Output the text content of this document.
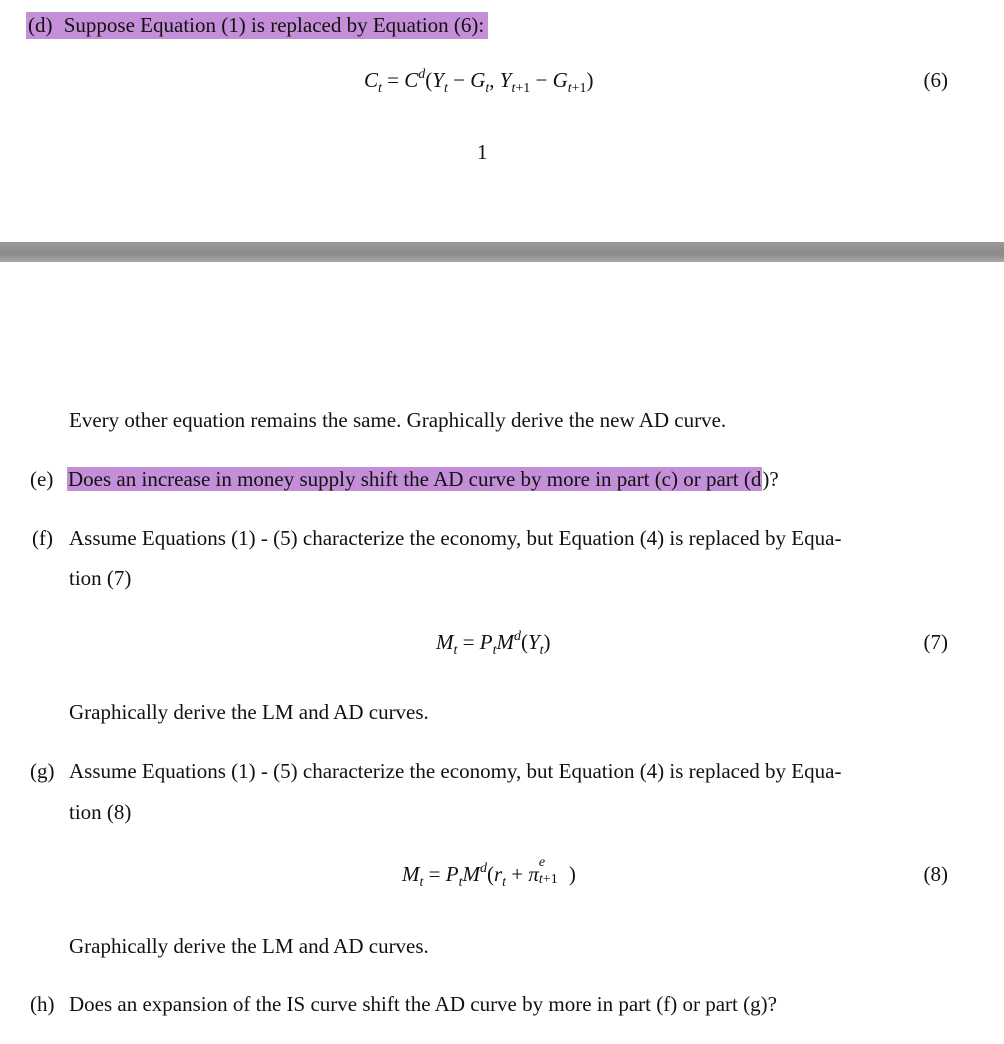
(d) Suppose Equation (1) is replaced by Equation (6):
$C_t = C^d(Y_t - G_t$, $Y_{t+1} - G_{t+1}$)	(6)
1
Every other equation remains the same. Graphically derive the new AD curve.
(e) Does an increase in money supply shift the AD curve by more in part (c) or part (d)?
(f) Assume Equations (1) - (5) characterize the economy, but Equation (4) is replaced by Equa-
tion (7)
$M_t = P_tM^d(Y_t)$	(7)
Graphically derive the LM and AD curves.
(g) Assume Equations (1) - (5) characterize the economy, but Equation (4) is replaced by Equa-
tion (8)
$M_t = P_tM^d(r_t + \pi$ e
t+1 )	(8)
Graphically derive the LM and AD curves.
(h) Does an expansion of the IS curve shift the AD curve by more in part (f) or part (g)?
